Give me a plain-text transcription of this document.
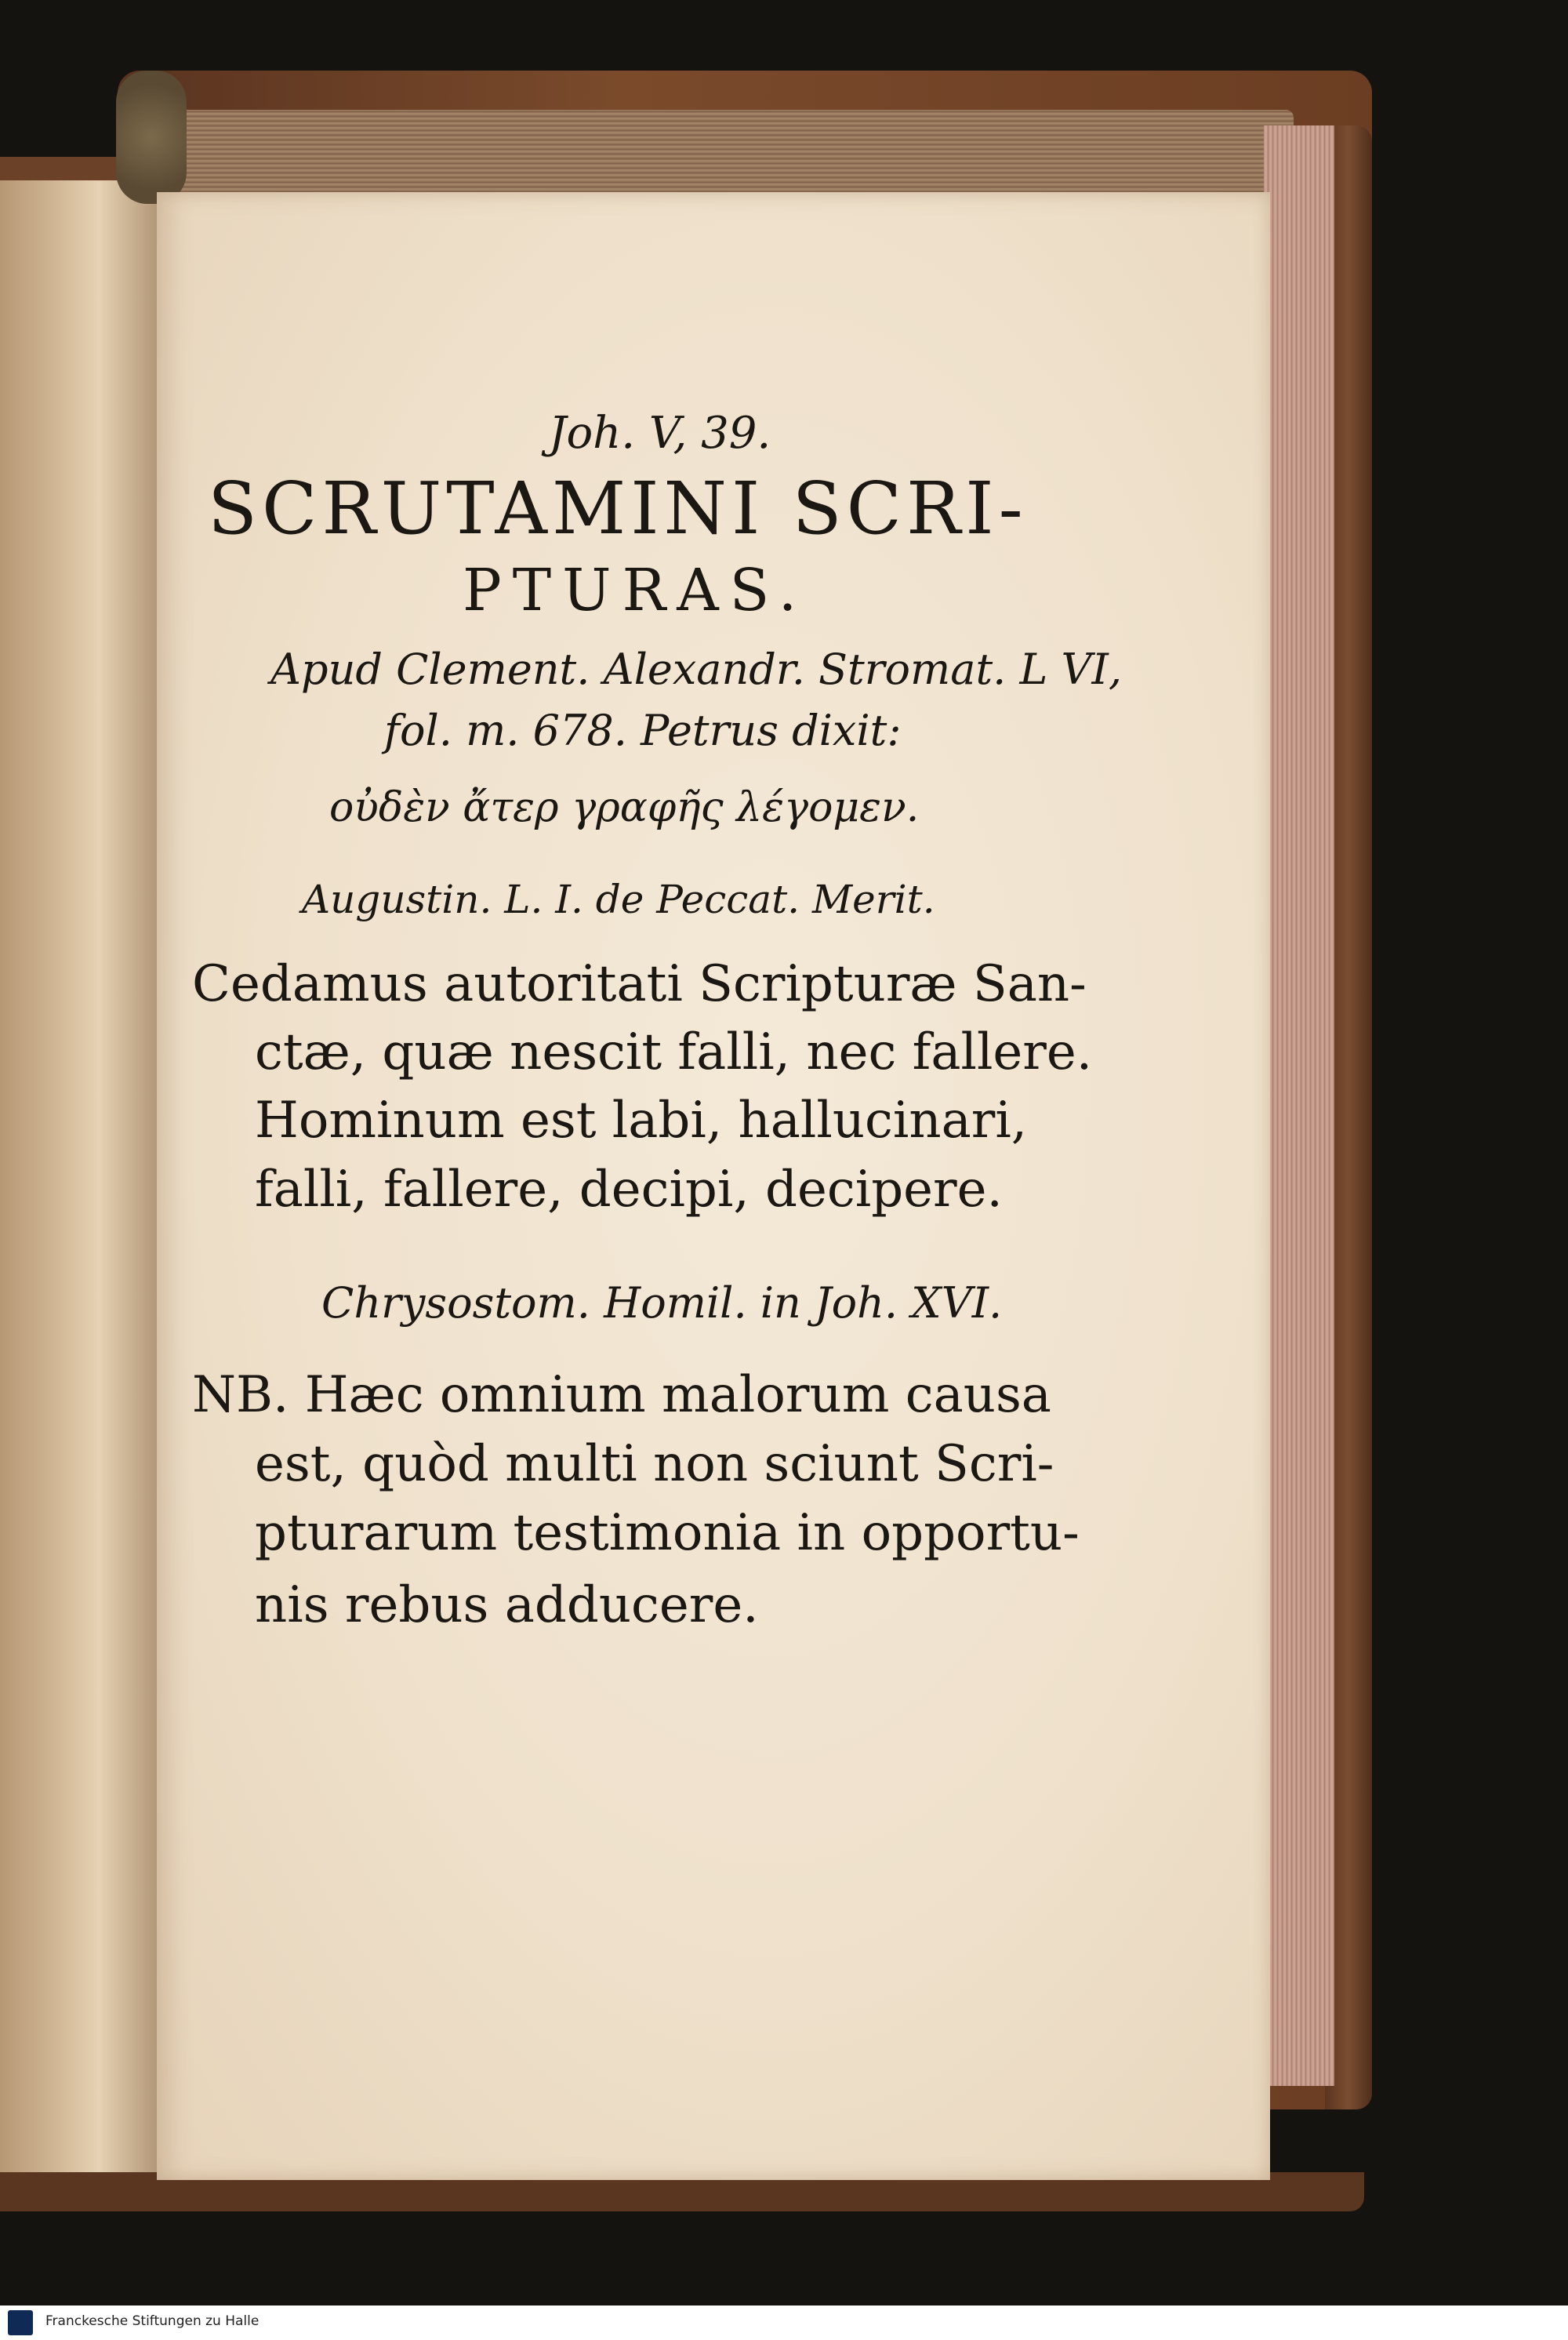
Joh. V, 39.
SCRUTAMINI SCRI-
PTURAS.
Apud Clement. Alexandr. Stromat. L VI,
fol. m. 678. Petrus dixit:
οὐδὲν ἄτερ γραφῆς λέγομεν.
Augustin. L. I. de Peccat. Merit.
Cedamus autoritati Scripturæ San-
ctæ, quæ nescit falli, nec fallere.
Hominum est labi, hallucinari,
falli, fallere, decipi, decipere.
Chrysostom. Homil. in Joh. XVI.
NB. Hæc omnium malorum causa
est, quòd multi non sciunt Scri-
pturarum testimonia in opportu-
nis rebus adducere.
Franckesche Stiftungen zu Halle
